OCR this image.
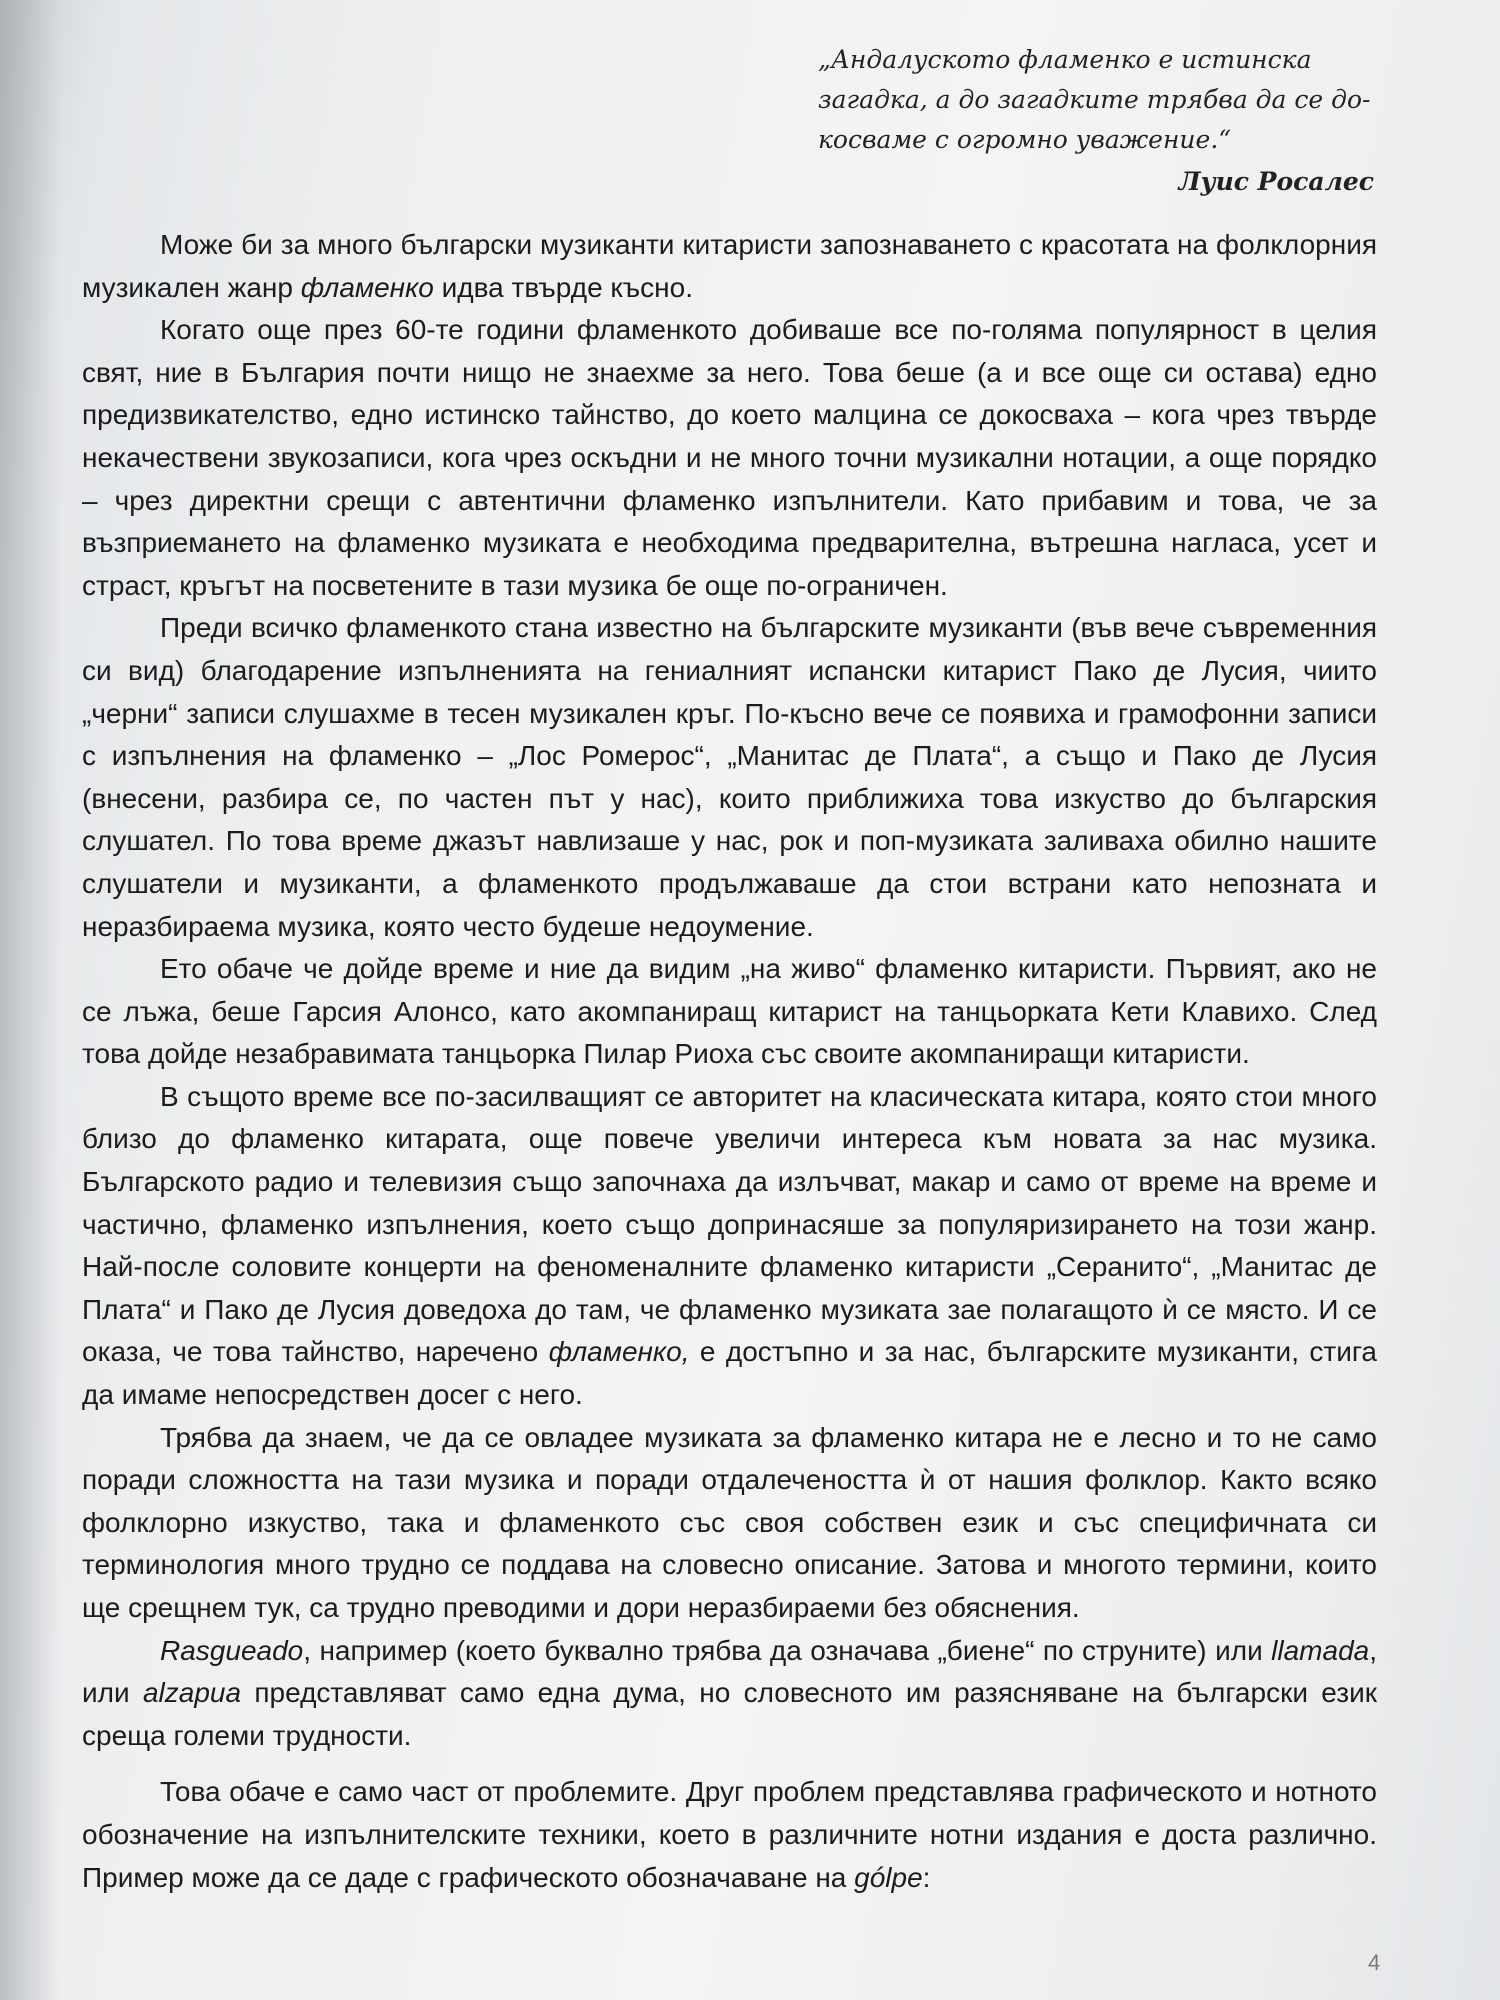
„Андалуското фламенко е истинска
загадка, а до загадките трябва да се до-
косваме с огромно уважение.“
Луис Росалес

Може би за много български музиканти китаристи запознаването с красотата на фолклорния музикален жанр фламенко идва твърде късно.

Когато още през 60-те години фламенкото добиваше все по-голяма популярност в целия свят, ние в България почти нищо не знаехме за него. Това беше (а и все още си остава) едно предизвикателство, едно истинско тайнство, до което малцина се докосваха – кога чрез твърде некачествени звукозаписи, кога чрез оскъдни и не много точни музикални нотации, а още порядко – чрез директни срещи с автентични фламенко изпълнители. Като прибавим и това, че за възприемането на фламенко музиката е необходима предварителна, вътрешна нагласа, усет и страст, кръгът на посветените в тази музика бе още по-ограничен.

Преди всичко фламенкото стана известно на българските музиканти (във вече съвременния си вид) благодарение изпълненията на гениалният испански китарист Пако де Лусия, чиито „черни“ записи слушахме в тесен музикален кръг. По-късно вече се появиха и грамофонни записи с изпълнения на фламенко – „Лос Ромерос“, „Манитас де Плата“, а също и Пако де Лусия (внесени, разбира се, по частен път у нас), които приближиха това изкуство до българския слушател. По това време джазът навлизаше у нас, рок и поп-музиката заливаха обилно нашите слушатели и музиканти, а фламенкото продължаваше да стои встрани като непозната и неразбираема музика, която често будеше недоумение.

Ето обаче че дойде време и ние да видим „на живо“ фламенко китаристи. Първият, ако не се лъжа, беше Гарсия Алонсо, като акомпаниращ китарист на танцьорката Кети Клавихо. След това дойде незабравимата танцьорка Пилар Риоха със своите акомпаниращи китаристи.

В същото време все по-засилващият се авторитет на класическата китара, която стои много близо до фламенко китарата, още повече увеличи интереса към новата за нас музика. Българското радио и телевизия също започнаха да излъчват, макар и само от време на време и частично, фламенко изпълнения, което също допринасяше за популяризирането на този жанр. Най-после соловите концерти на феноменалните фламенко китаристи „Серанито“, „Манитас де Плата“ и Пако де Лусия доведоха до там, че фламенко музиката зае полагащото ѝ се място. И се оказа, че това тайнство, наречено фламенко, е достъпно и за нас, българските музиканти, стига да имаме непосредствен досег с него.

Трябва да знаем, че да се овладее музиката за фламенко китара не е лесно и то не само поради сложността на тази музика и поради отдалечеността ѝ от нашия фолклор. Както всяко фолклорно изкуство, така и фламенкото със своя собствен език и със специфичната си терминология много трудно се поддава на словесно описание. Затова и многото термини, които ще срещнем тук, са трудно преводими и дори неразбираеми без обяснения.

Rasgueado, например (което буквално трябва да означава „биене“ по струните) или llamada, или alzapua представляват само една дума, но словесното им разясняване на български език среща големи трудности.

Това обаче е само част от проблемите. Друг проблем представлява графическото и нотното обозначение на изпълнителските техники, което в различните нотни издания е доста различно. Пример може да се даде с графическото обозначаване на gólpe:

4
